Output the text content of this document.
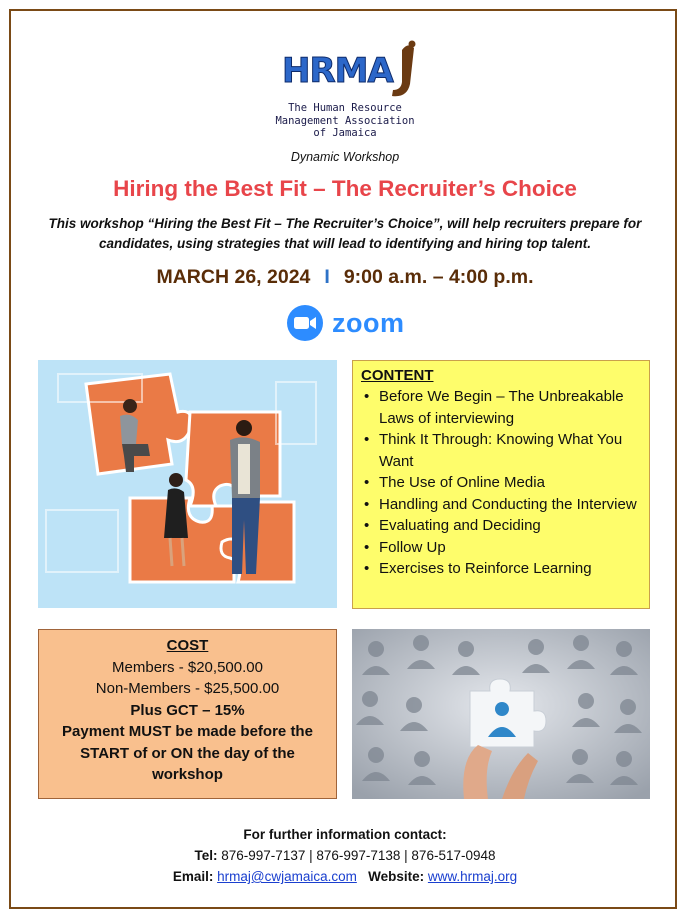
HRMA
The Human Resource
Management Association
of Jamaica
Dynamic Workshop
Hiring the Best Fit – The Recruiter’s Choice
This workshop “Hiring the Best Fit – The Recruiter’s Choice”, will help recruiters prepare for candidates, using strategies that will lead to identifying and hiring top talent.
MARCH 26, 2024 I 9:00 a.m. – 4:00 p.m.
zoom
CONTENT
• Before We Begin – The Unbreakable Laws of interviewing
• Think It Through: Knowing What You Want
• The Use of Online Media
• Handling and Conducting the Interview
• Evaluating and Deciding
• Follow Up
• Exercises to Reinforce Learning
COST
Members - $20,500.00
Non-Members - $25,500.00
Plus GCT – 15%
Payment MUST be made before the START of or ON the day of the workshop
For further information contact:
Tel: 876-997-7137 | 876-997-7138 | 876-517-0948
Email: hrmaj@cwjamaica.com Website: www.hrmaj.org
